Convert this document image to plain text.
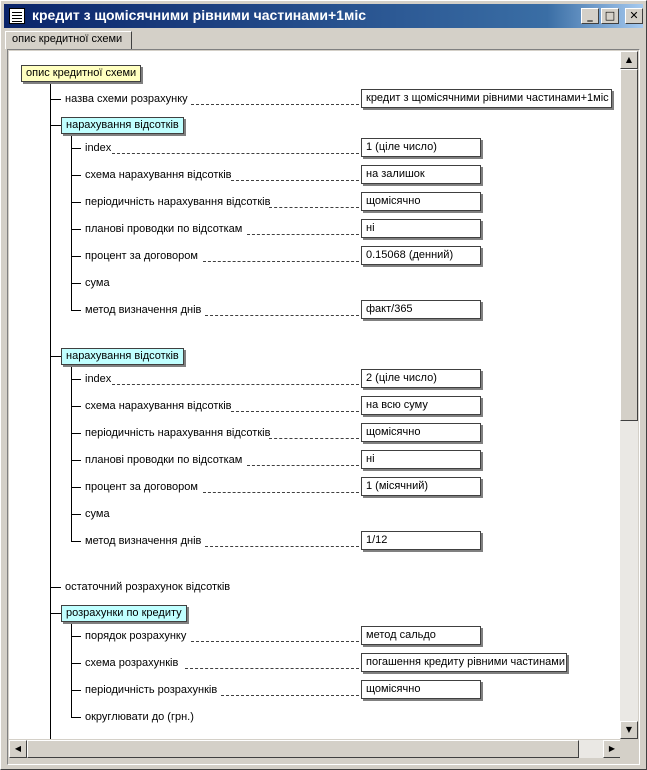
кредит з щомісячними рівними частинами+1міс	_	□	✕
опис кредитної схеми
опис кредитної схеми
назва схеми розрахунку	кредит з щомісячними рівними частинами+1міс
нарахування відсотків
index	1 (ціле число)
схема нарахування відсотків	на залишок
періодичність нарахування відсотків	щомісячно
планові проводки по відсоткам	ні
процент за договором	0.15068 (денний)
сума
метод визначення днів	факт/365
нарахування відсотків
index	2 (ціле число)
схема нарахування відсотків	на всю суму
періодичність нарахування відсотків	щомісячно
планові проводки по відсоткам	ні
процент за договором	1 (місячний)
сума
метод визначення днів	1/12
остаточний розрахунок відсотків
розрахунки по кредиту
порядок розрахунку	метод сальдо
схема розрахунків	погашення кредиту рівними частинами
періодичність розрахунків	щомісячно
округлювати до (грн.)
▲
▼
◀	▶
